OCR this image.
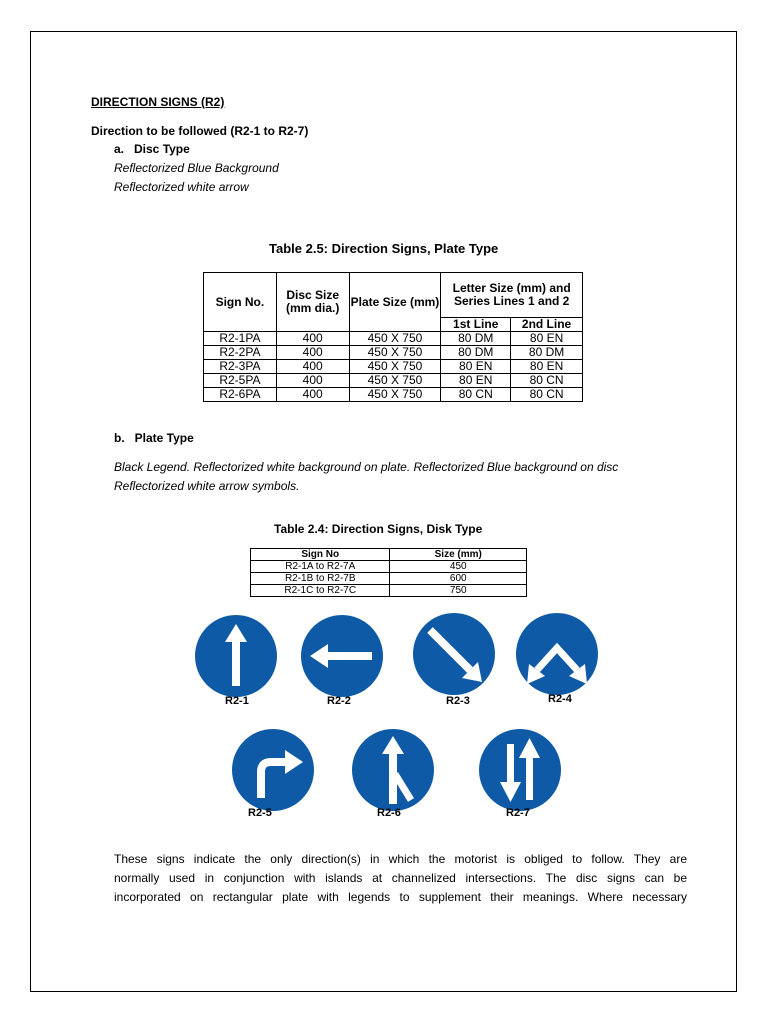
DIRECTION SIGNS (R2)
Direction to be followed (R2-1 to R2-7)
a.   Disc Type
Reflectorized Blue Background
Reflectorized white arrow
Table 2.5: Direction Signs, Plate Type
Sign No.	Disc Size (mm dia.)	Plate Size (mm)	Letter Size (mm) and Series Lines 1 and 2	
			1st Line	2nd Line
R2-1PA	400	450 X 750	80 DM	80 EN
R2-2PA	400	450 X 750	80 DM	80 DM
R2-3PA	400	450 X 750	80 EN	80 EN
R2-5PA	400	450 X 750	80 EN	80 CN
R2-6PA	400	450 X 750	80 CN	80 CN
b.   Plate Type
Black Legend. Reflectorized white background on plate. Reflectorized Blue background on disc
Reflectorized white arrow symbols.
Table 2.4: Direction Signs, Disk Type
Sign No	Size (mm)
R2-1A to R2-7A	450
R2-1B to R2-7B	600
R2-1C to R2-7C	750
R2-1	R2-2	R2-3	R2-4
R2-5	R2-6	R2-7
These signs indicate the only direction(s) in which the motorist is obliged to follow. They are
normally used in conjunction with islands at channelized intersections. The disc signs can be
incorporated on rectangular plate with legends to supplement their meanings. Where necessary
